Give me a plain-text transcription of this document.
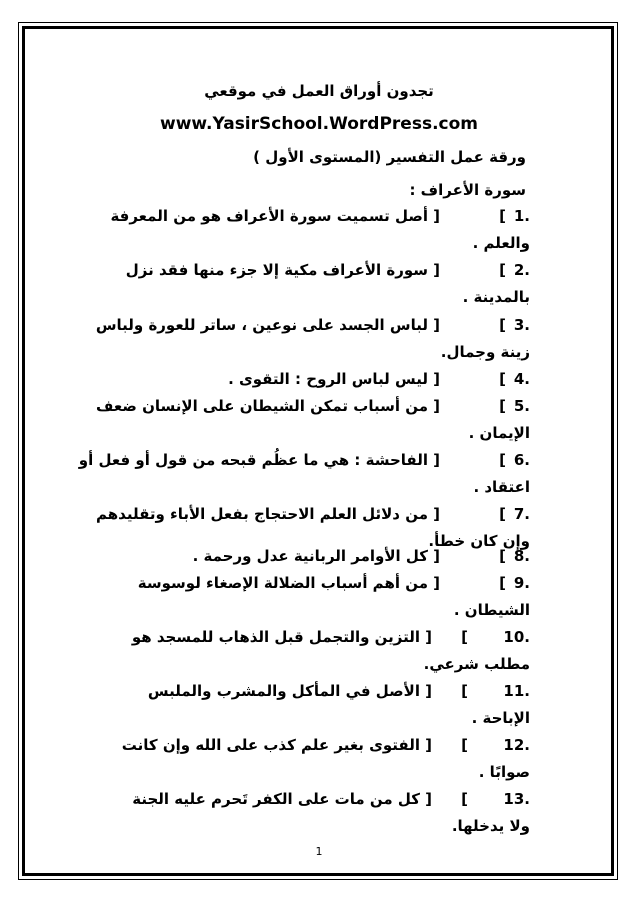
تجدون أوراق العمل في موقعي
www.YasirSchool.WordPress.com
ورقة عمل التفسير (المستوى الأول )
سورة الأعراف :
1.
[
]
أصل تسميت سورة الأعراف هو من المعرفة
والعلم .
2.
[
]
سورة الأعراف مكية إلا جزء منها فقد نزل
بالمدينة .
3.
[
]
لباس الجسد على نوعين ، ساتر للعورة ولباس
زينة وجمال.
4.
[
]
ليس لباس الروح : التقوى .
5.
[
]
من أسباب تمكن الشيطان على الإنسان ضعف
الإيمان .
6.
[
]
الفاحشة : هي ما عظُم قبحه من قول أو فعل أو
اعتقاد .
7.
[
]
من دلائل العلم الاحتجاج بفعل الأباء وتقليدهم
وإن كان خطأ.
8.
[
]
كل الأوامر الربانية عدل ورحمة .
9.
[
]
من أهم أسباب الضلالة الإصغاء لوسوسة
الشيطان .
10.
[
]
التزين والتجمل قبل الذهاب للمسجد هو
مطلب شرعي.
11.
[
]
الأصل في المأكل والمشرب والملبس
الإباحة .
12.
[
]
الفتوى بغير علم كذب على الله وإن كانت
صوابًا .
13.
[
]
كل من مات على الكفر تَحرم عليه الجنة
ولا يدخلها.
1
